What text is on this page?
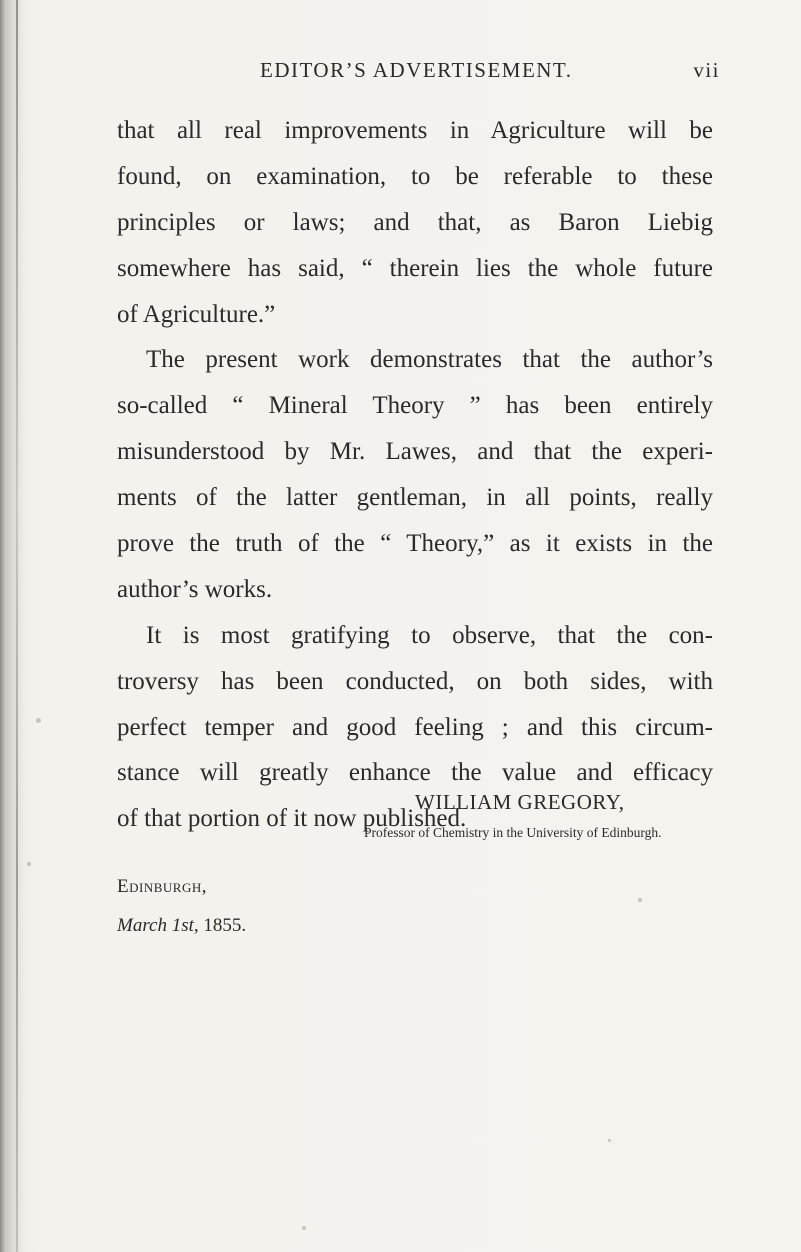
EDITOR’S ADVERTISEMENT.	vii
that all real improvements in Agriculture will be
found, on examination, to be referable to these
principles or laws; and that, as Baron Liebig
somewhere has said, “ therein lies the whole future
of Agriculture.”
The present work demonstrates that the author’s
so-called “ Mineral Theory ” has been entirely
misunderstood by Mr. Lawes, and that the experi-
ments of the latter gentleman, in all points, really
prove the truth of the “ Theory,” as it exists in the
author’s works.
It is most gratifying to observe, that the con-
troversy has been conducted, on both sides, with
perfect temper and good feeling ; and this circum-
stance will greatly enhance the value and efficacy
of that portion of it now published.
WILLIAM GREGORY,
Professor of Chemistry in the University of Edinburgh.
Edinburgh,
March 1st, 1855.
